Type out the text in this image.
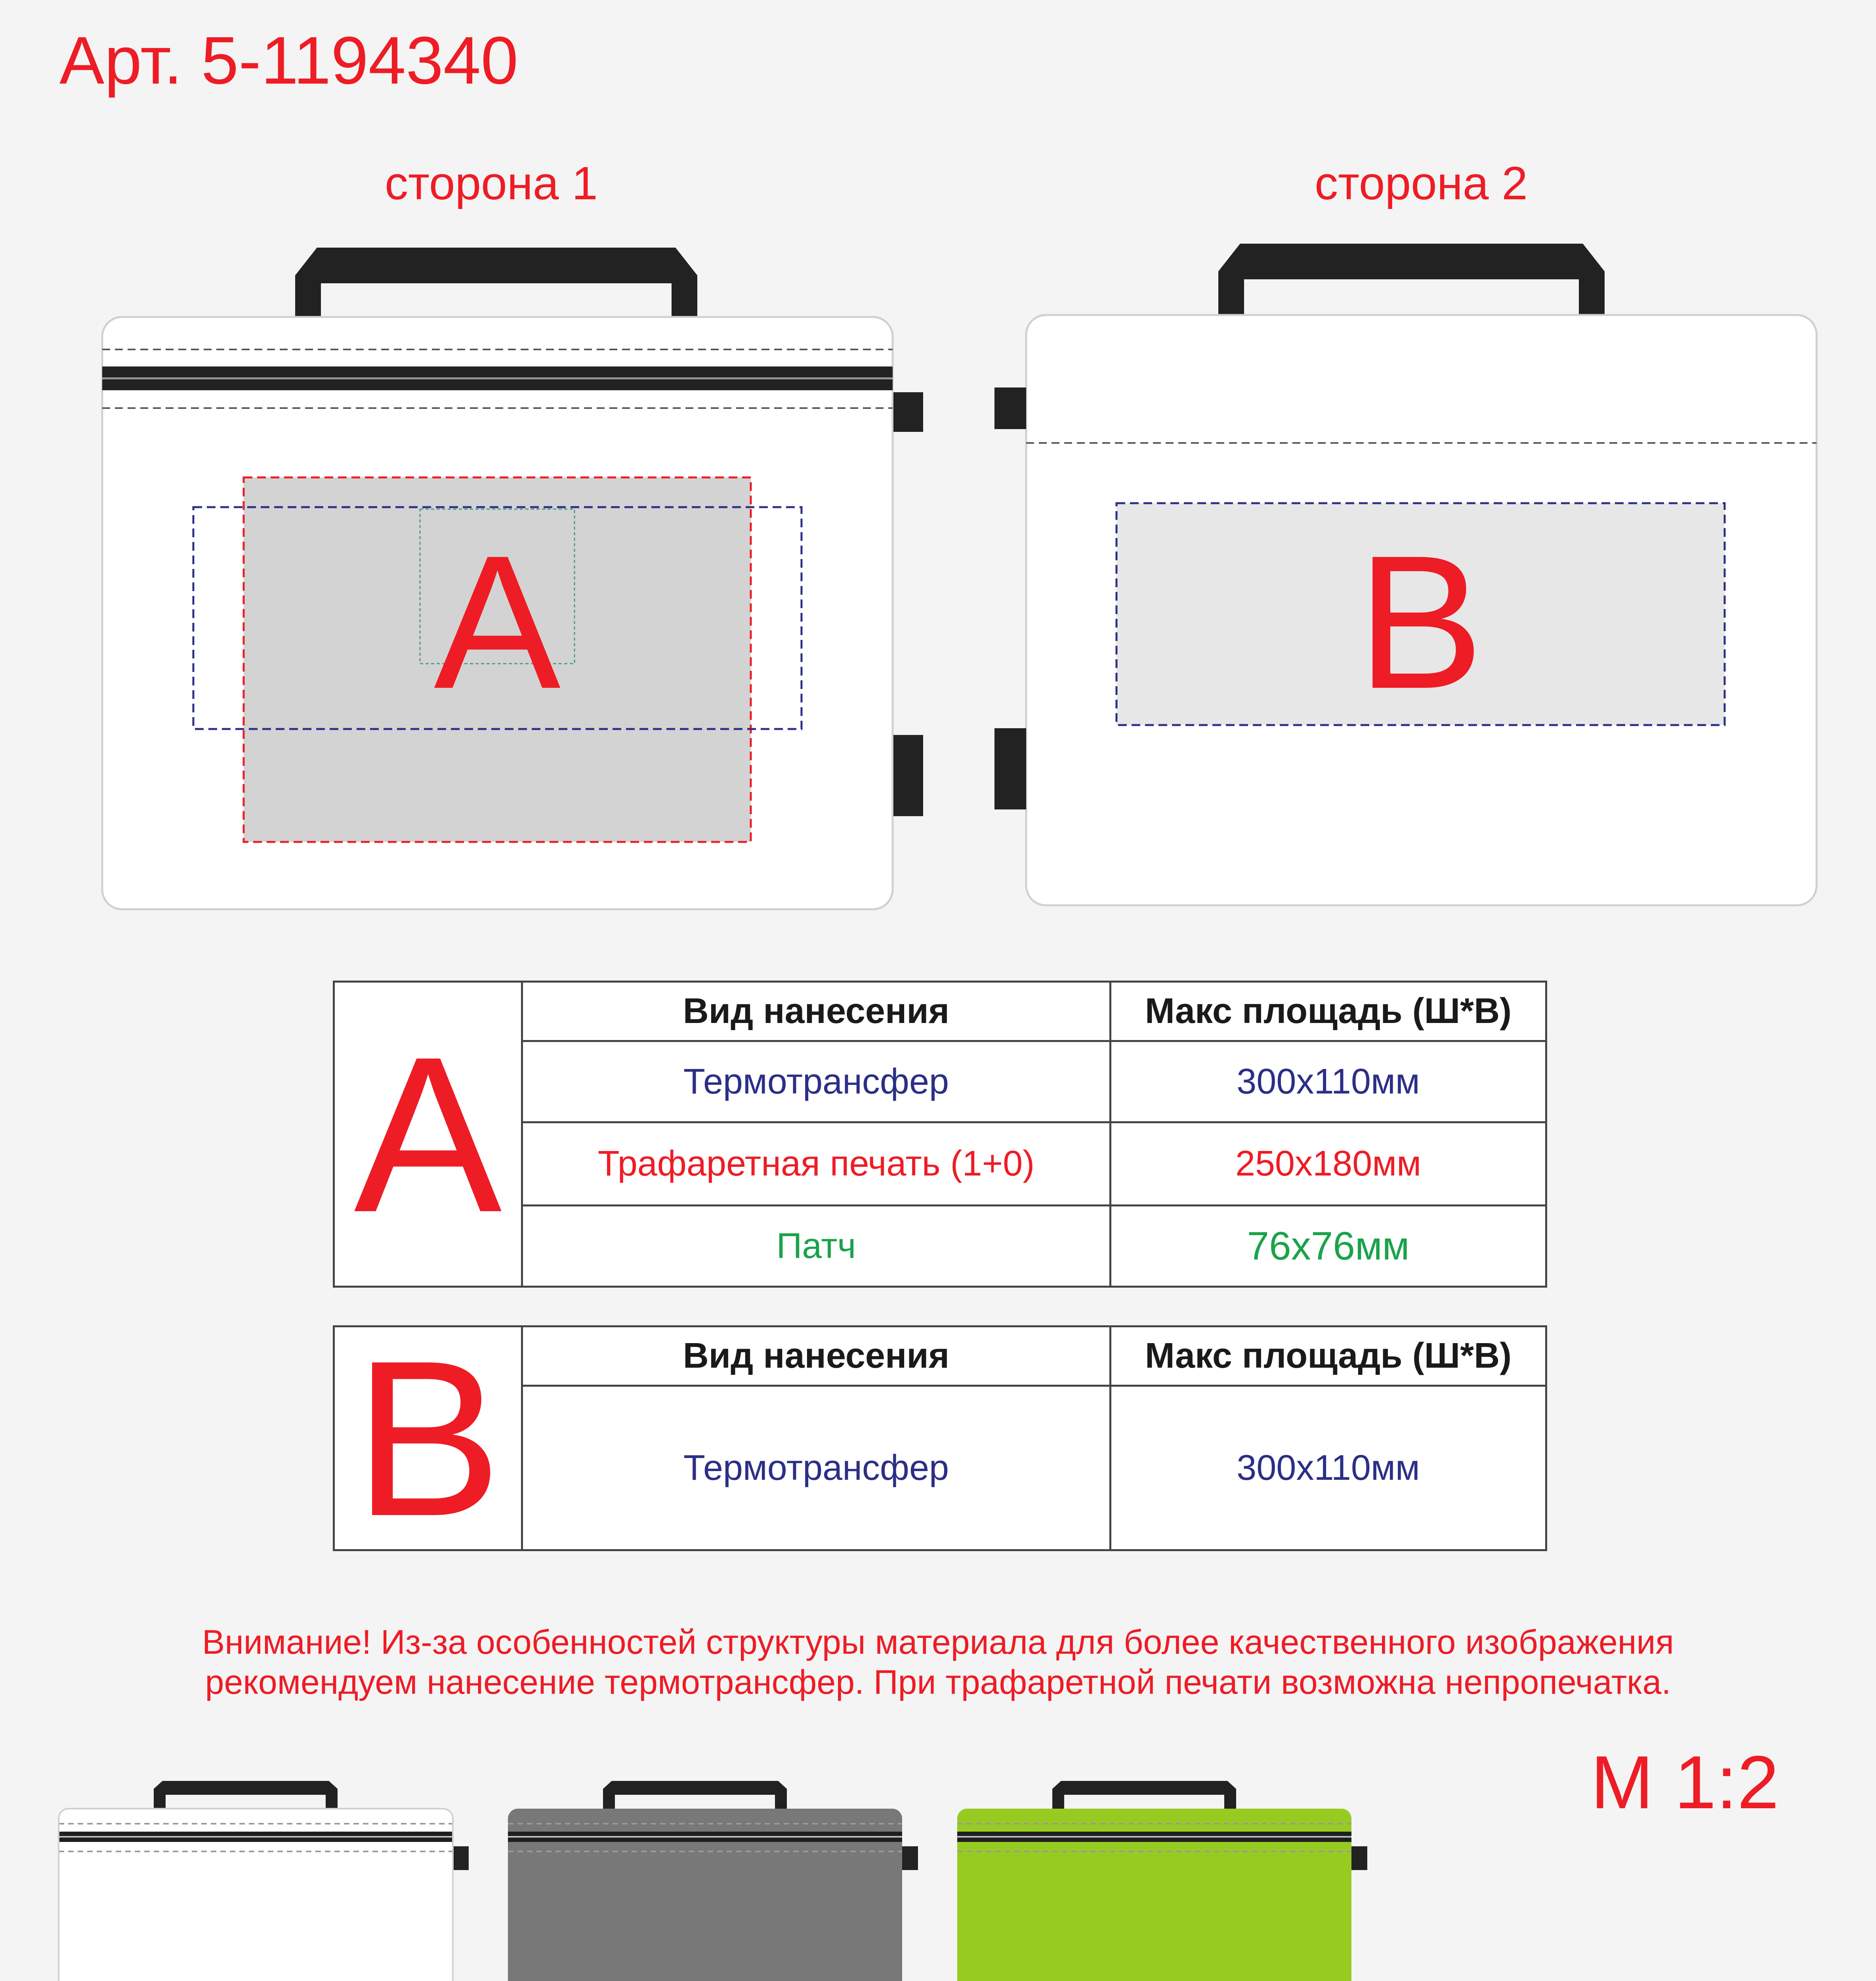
Арт. 5-1194340
сторона 1	сторона 2
A	B
A	Вид нанесения	Макс площадь (Ш*В)
	Термотрансфер	300x110мм
	Трафаретная печать (1+0)	250x180мм
	Патч	76x76мм
B	Вид нанесения	Макс площадь (Ш*В)
	Термотрансфер	300x110мм
Внимание! Из-за особенностей структуры материала для более качественного изображения
рекомендуем нанесение термотрансфер. При трафаретной печати возможна непропечатка.
M 1:2
